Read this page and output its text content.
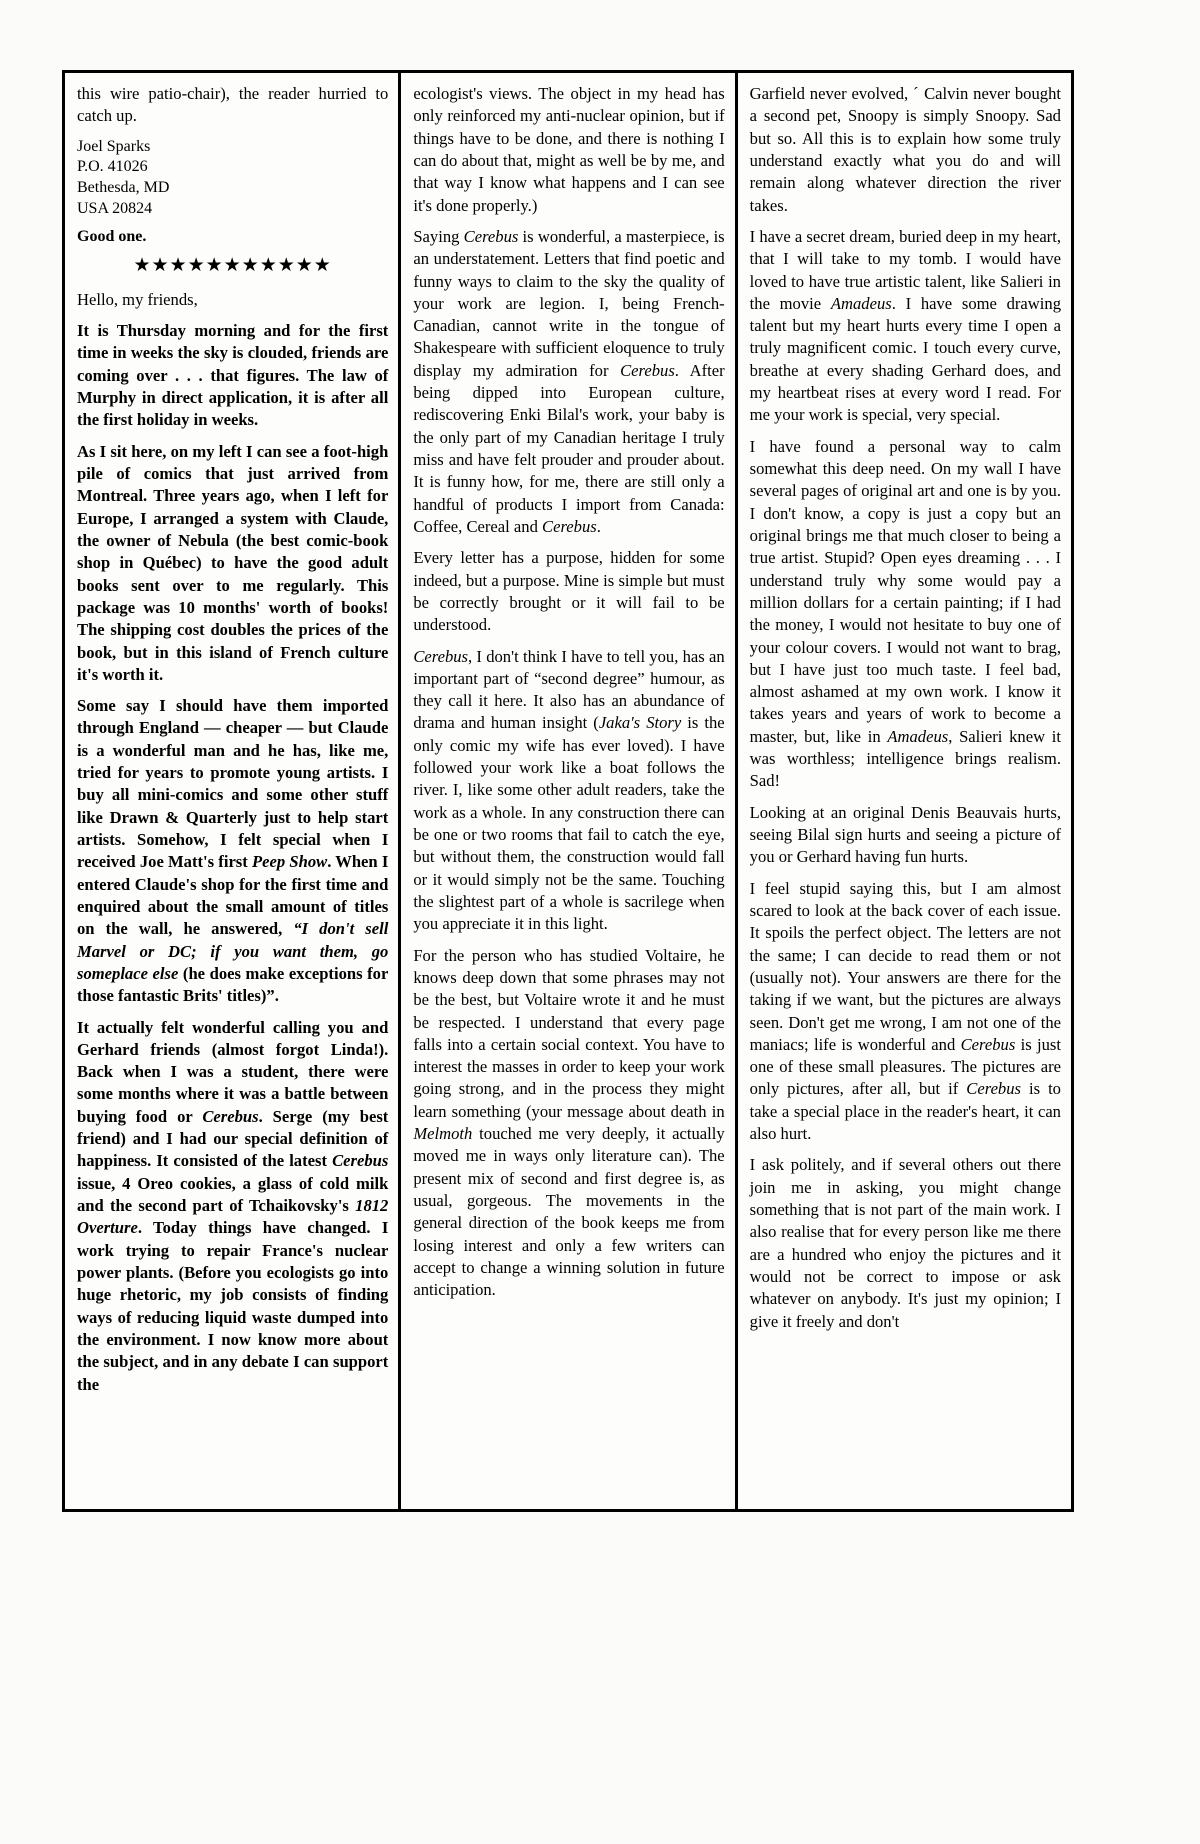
this wire patio-chair), the reader hurried to catch up.

Joel Sparks
P.O. 41026
Bethesda, MD
USA 20824
Good one.
★★★★★★★★★★★

Hello, my friends,

It is Thursday morning and for the first time in weeks the sky is clouded, friends are coming over . . . that figures. The law of Murphy in direct application, it is after all the first holiday in weeks.

As I sit here, on my left I can see a foot-high pile of comics that just arrived from Montreal. Three years ago, when I left for Europe, I arranged a system with Claude, the owner of Nebula (the best comic-book shop in Québec) to have the good adult books sent over to me regularly. This package was 10 months' worth of books! The shipping cost doubles the prices of the book, but in this island of French culture it's worth it.

Some say I should have them imported through England — cheaper — but Claude is a wonderful man and he has, like me, tried for years to promote young artists. I buy all mini-comics and some other stuff like Drawn & Quarterly just to help start artists. Somehow, I felt special when I received Joe Matt's first Peep Show. When I entered Claude's shop for the first time and enquired about the small amount of titles on the wall, he answered, “I don't sell Marvel or DC; if you want them, go someplace else (he does make exceptions for those fantastic Brits' titles)”.

It actually felt wonderful calling you and Gerhard friends (almost forgot Linda!). Back when I was a student, there were some months where it was a battle between buying food or Cerebus. Serge (my best friend) and I had our special definition of happiness. It consisted of the latest Cerebus issue, 4 Oreo cookies, a glass of cold milk and the second part of Tchaikovsky's 1812 Overture. Today things have changed. I work trying to repair France's nuclear power plants. (Before you ecologists go into huge rhetoric, my job consists of finding ways of reducing liquid waste dumped into the environment. I now know more about the subject, and in any debate I can support the

ecologist's views. The object in my head has only reinforced my anti-nuclear opinion, but if things have to be done, and there is nothing I can do about that, might as well be by me, and that way I know what happens and I can see it's done properly.)

Saying Cerebus is wonderful, a masterpiece, is an understatement. Letters that find poetic and funny ways to claim to the sky the quality of your work are legion. I, being French-Canadian, cannot write in the tongue of Shakespeare with sufficient eloquence to truly display my admiration for Cerebus. After being dipped into European culture, rediscovering Enki Bilal's work, your baby is the only part of my Canadian heritage I truly miss and have felt prouder and prouder about. It is funny how, for me, there are still only a handful of products I import from Canada: Coffee, Cereal and Cerebus.

Every letter has a purpose, hidden for some indeed, but a purpose. Mine is simple but must be correctly brought or it will fail to be understood.

Cerebus, I don't think I have to tell you, has an important part of “second degree” humour, as they call it here. It also has an abundance of drama and human insight (Jaka's Story is the only comic my wife has ever loved). I have followed your work like a boat follows the river. I, like some other adult readers, take the work as a whole. In any construction there can be one or two rooms that fail to catch the eye, but without them, the construction would fall or it would simply not be the same. Touching the slightest part of a whole is sacrilege when you appreciate it in this light.

For the person who has studied Voltaire, he knows deep down that some phrases may not be the best, but Voltaire wrote it and he must be respected. I understand that every page falls into a certain social context. You have to interest the masses in order to keep your work going strong, and in the process they might learn something (your message about death in Melmoth touched me very deeply, it actually moved me in ways only literature can). The present mix of second and first degree is, as usual, gorgeous. The movements in the general direction of the book keeps me from losing interest and only a few writers can accept to change a winning solution in future anticipation.

Garfield never evolved, ˊ Calvin never bought a second pet, Snoopy is simply Snoopy. Sad but so. All this is to explain how some truly understand exactly what you do and will remain along whatever direction the river takes.

I have a secret dream, buried deep in my heart, that I will take to my tomb. I would have loved to have true artistic talent, like Salieri in the movie Amadeus. I have some drawing talent but my heart hurts every time I open a truly magnificent comic. I touch every curve, breathe at every shading Gerhard does, and my heartbeat rises at every word I read. For me your work is special, very special.

I have found a personal way to calm somewhat this deep need. On my wall I have several pages of original art and one is by you. I don't know, a copy is just a copy but an original brings me that much closer to being a true artist. Stupid? Open eyes dreaming . . . I understand truly why some would pay a million dollars for a certain painting; if I had the money, I would not hesitate to buy one of your colour covers. I would not want to brag, but I have just too much taste. I feel bad, almost ashamed at my own work. I know it takes years and years of work to become a master, but, like in Amadeus, Salieri knew it was worthless; intelligence brings realism. Sad!

Looking at an original Denis Beauvais hurts, seeing Bilal sign hurts and seeing a picture of you or Gerhard having fun hurts.

I feel stupid saying this, but I am almost scared to look at the back cover of each issue. It spoils the perfect object. The letters are not the same; I can decide to read them or not (usually not). Your answers are there for the taking if we want, but the pictures are always seen. Don't get me wrong, I am not one of the maniacs; life is wonderful and Cerebus is just one of these small pleasures. The pictures are only pictures, after all, but if Cerebus is to take a special place in the reader's heart, it can also hurt.

I ask politely, and if several others out there join me in asking, you might change something that is not part of the main work. I also realise that for every person like me there are a hundred who enjoy the pictures and it would not be correct to impose or ask whatever on anybody. It's just my opinion; I give it freely and don't
